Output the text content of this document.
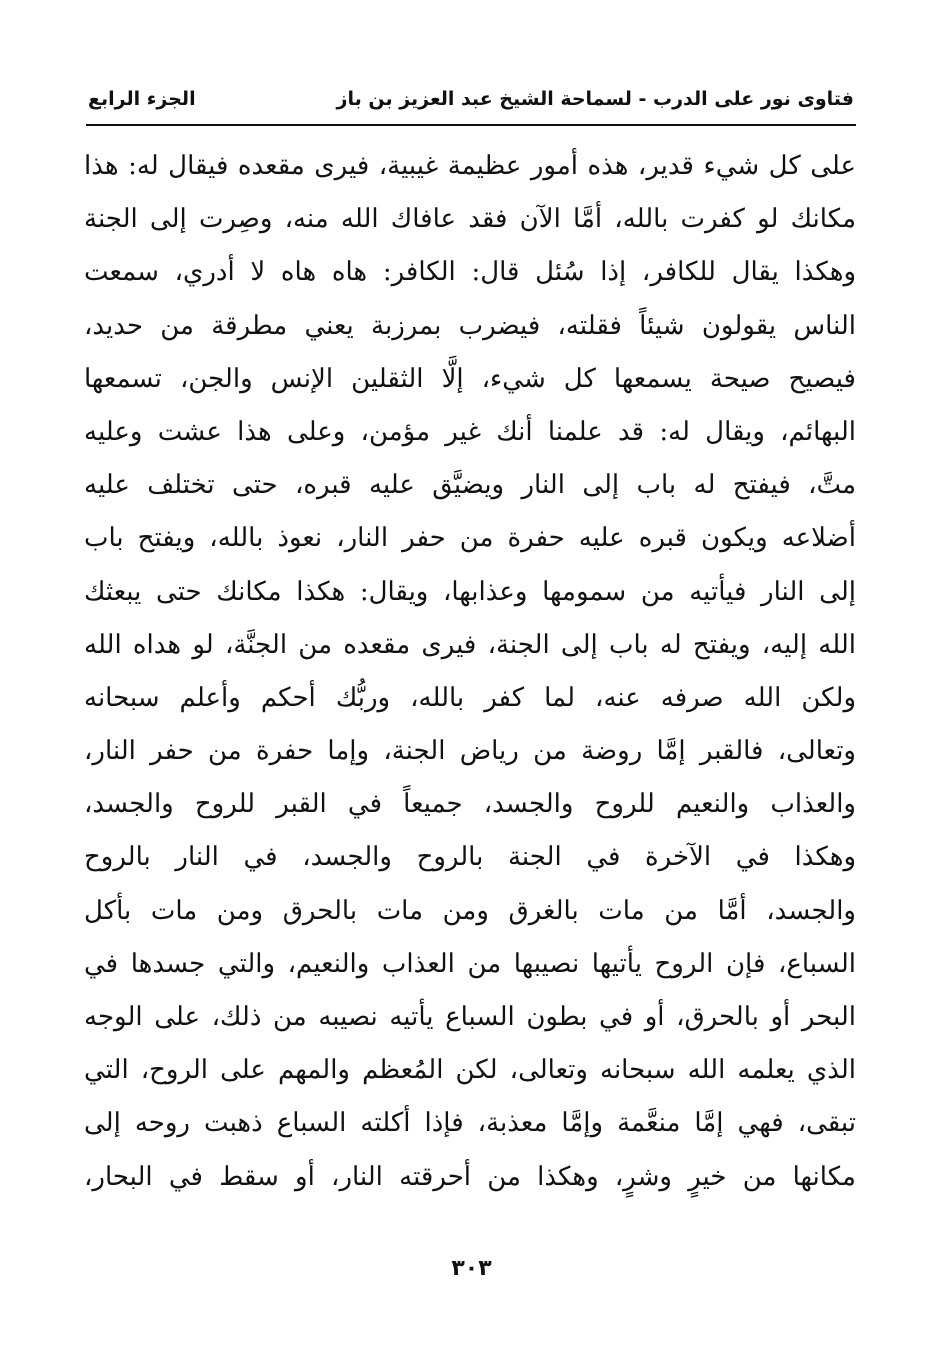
فتاوى نور على الدرب - لسماحة الشيخ عبد العزيز بن باز
الجزء الرابع
على كل شيء قدير، هذه أمور عظيمة غيبية، فيرى مقعده فيقال له: هذا
مكانك لو كفرت بالله، أمَّا الآن فقد عافاك الله منه، وصِرت إلى الجنة
وهكذا يقال للكافر، إذا سُئل قال: الكافر: هاه هاه لا أدري، سمعت
الناس يقولون شيئاً فقلته، فيضرب بمرزبة يعني مطرقة من حديد،
فيصيح صيحة يسمعها كل شيء، إلَّا الثقلين الإنس والجن، تسمعها
البهائم، ويقال له: قد علمنا أنك غير مؤمن، وعلى هذا عشت وعليه
متَّ، فيفتح له باب إلى النار ويضيَّق عليه قبره، حتى تختلف عليه
أضلاعه ويكون قبره عليه حفرة من حفر النار، نعوذ بالله، ويفتح باب
إلى النار فيأتيه من سمومها وعذابها، ويقال: هكذا مكانك حتى يبعثك
الله إليه، ويفتح له باب إلى الجنة، فيرى مقعده من الجنَّة، لو هداه الله
ولكن الله صرفه عنه، لما كفر بالله، وربُّك أحكم وأعلم سبحانه
وتعالى، فالقبر إمَّا روضة من رياض الجنة، وإما حفرة من حفر النار،
والعذاب والنعيم للروح والجسد، جميعاً في القبر للروح والجسد،
وهكذا في الآخرة في الجنة بالروح والجسد، في النار بالروح
والجسد، أمَّا من مات بالغرق ومن مات بالحرق ومن مات بأكل
السباع، فإن الروح يأتيها نصيبها من العذاب والنعيم، والتي جسدها في
البحر أو بالحرق، أو في بطون السباع يأتيه نصيبه من ذلك، على الوجه
الذي يعلمه الله سبحانه وتعالى، لكن المُعظم والمهم على الروح، التي
تبقى، فهي إمَّا منعَّمة وإمَّا معذبة، فإذا أكلته السباع ذهبت روحه إلى
مكانها من خيرٍ وشرٍ، وهكذا من أحرقته النار، أو سقط في البحار،
٣٠٣
